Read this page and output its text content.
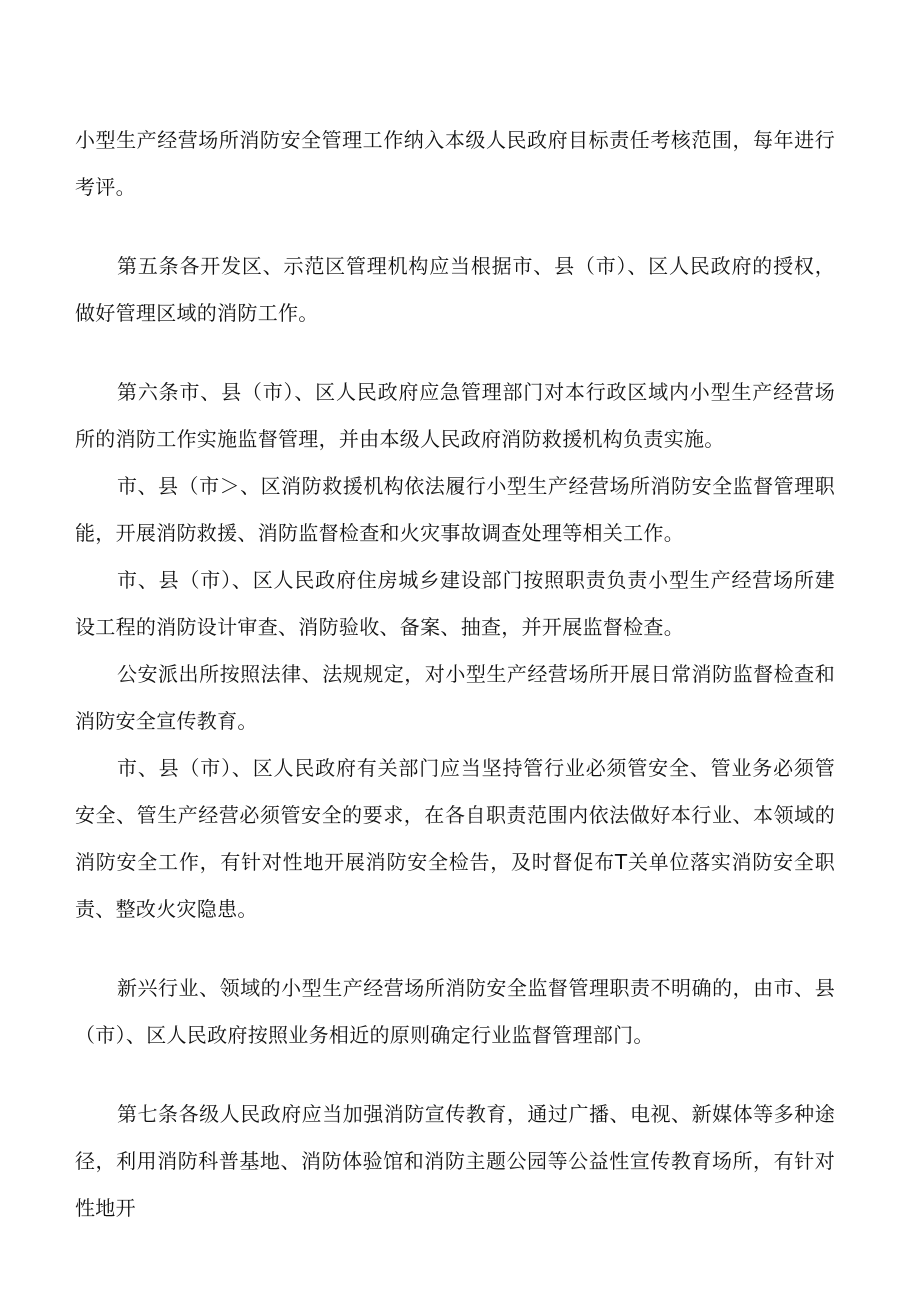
小型生产经营场所消防安全管理工作纳入本级人民政府目标责任考核范围，每年进行考评。

第五条各开发区、示范区管理机构应当根据市、县（市）、区人民政府的授权，做好管理区域的消防工作。

第六条市、县（市）、区人民政府应急管理部门对本行政区域内小型生产经营场所的消防工作实施监督管理，并由本级人民政府消防救援机构负责实施。

市、县（市＞、区消防救援机构依法履行小型生产经营场所消防安全监督管理职能，开展消防救援、消防监督检查和火灾事故调查处理等相关工作。

市、县（市）、区人民政府住房城乡建设部门按照职责负责小型生产经营场所建设工程的消防设计审查、消防验收、备案、抽查，并开展监督检查。

公安派出所按照法律、法规规定，对小型生产经营场所开展日常消防监督检查和消防安全宣传教育。

市、县（市）、区人民政府有关部门应当坚持管行业必须管安全、管业务必须管安全、管生产经营必须管安全的要求，在各自职责范围内依法做好本行业、本领域的消防安全工作，有针对性地开展消防安全检告，及时督促布T关单位落实消防安全职责、整改火灾隐患。

新兴行业、领域的小型生产经营场所消防安全监督管理职责不明确的，由市、县（市）、区人民政府按照业务相近的原则确定行业监督管理部门。

第七条各级人民政府应当加强消防宣传教育，通过广播、电视、新媒体等多种途径，利用消防科普基地、消防体验馆和消防主题公园等公益性宣传教育场所，有针对性地开
